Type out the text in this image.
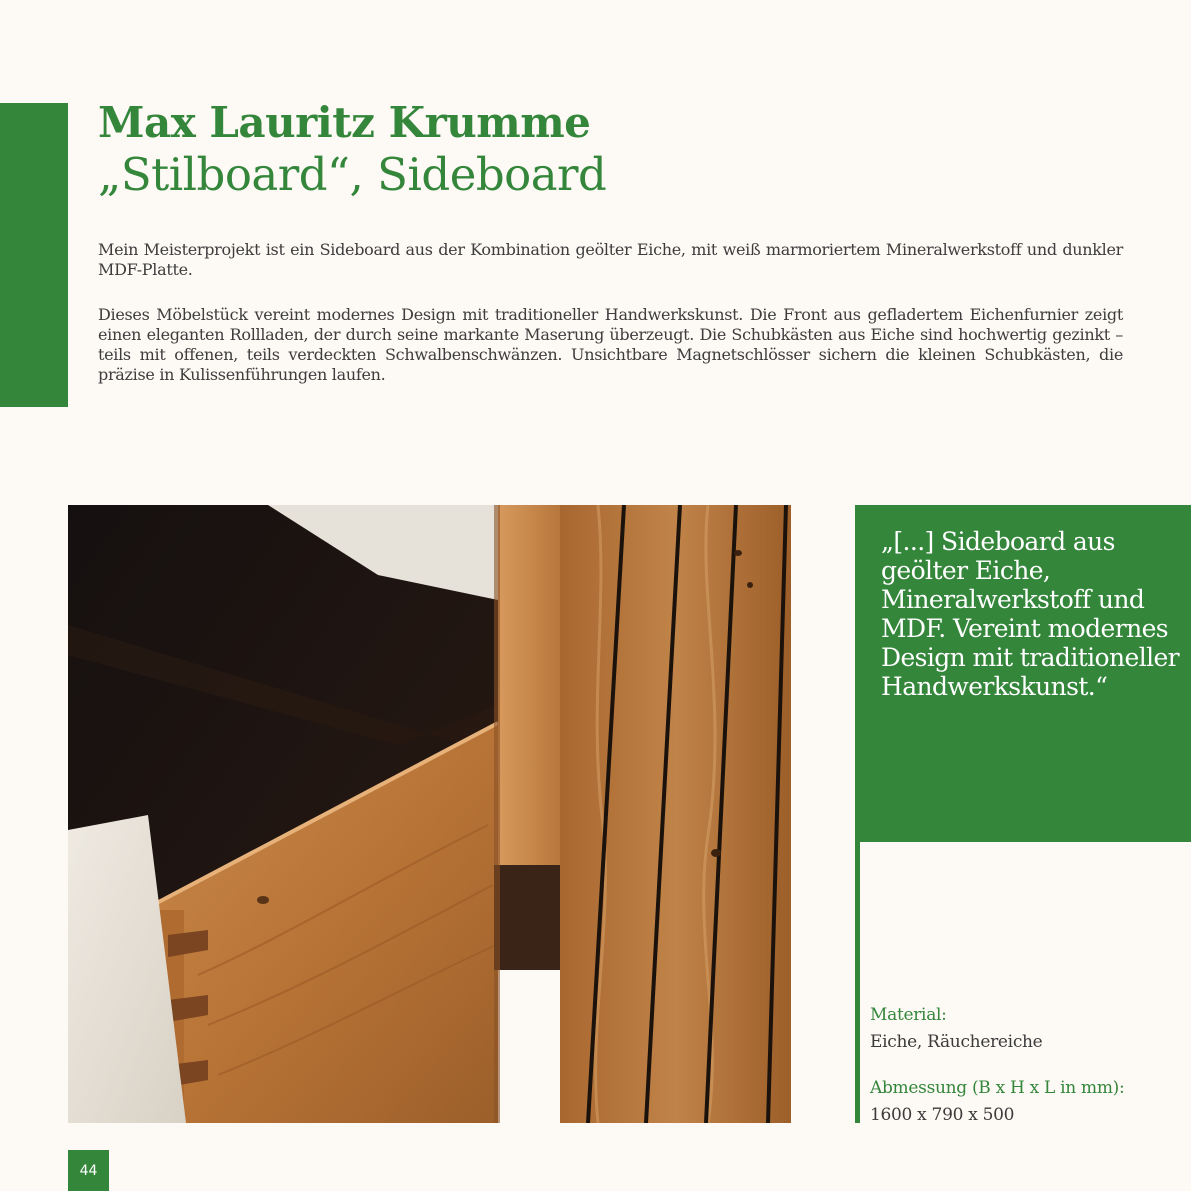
Max Lauritz Krumme
„Stilboard“, Sideboard

Mein Meisterprojekt ist ein Sideboard aus der Kombination geölter Eiche, mit weiß marmoriertem Mineralwerkstoff und dunkler MDF-Platte.

Dieses Möbelstück vereint modernes Design mit traditioneller Handwerkskunst. Die Front aus gefladertem Eichenfurnier zeigt einen eleganten Rollladen, der durch seine markante Maserung überzeugt. Die Schubkästen aus Eiche sind hochwertig gezinkt – teils mit offenen, teils verdeckten Schwalbenschwänzen. Unsichtbare Magnetschlösser sichern die kleinen Schubkästen, die präzise in Kulissenführungen laufen.

„[...] Sideboard aus geölter Eiche, Mineralwerkstoff und MDF. Vereint modernes Design mit traditioneller Handwerkskunst.“

Material:

Eiche, Räuchereiche

Abmessung (B x H x L in mm):

1600 x 790 x 500

44
